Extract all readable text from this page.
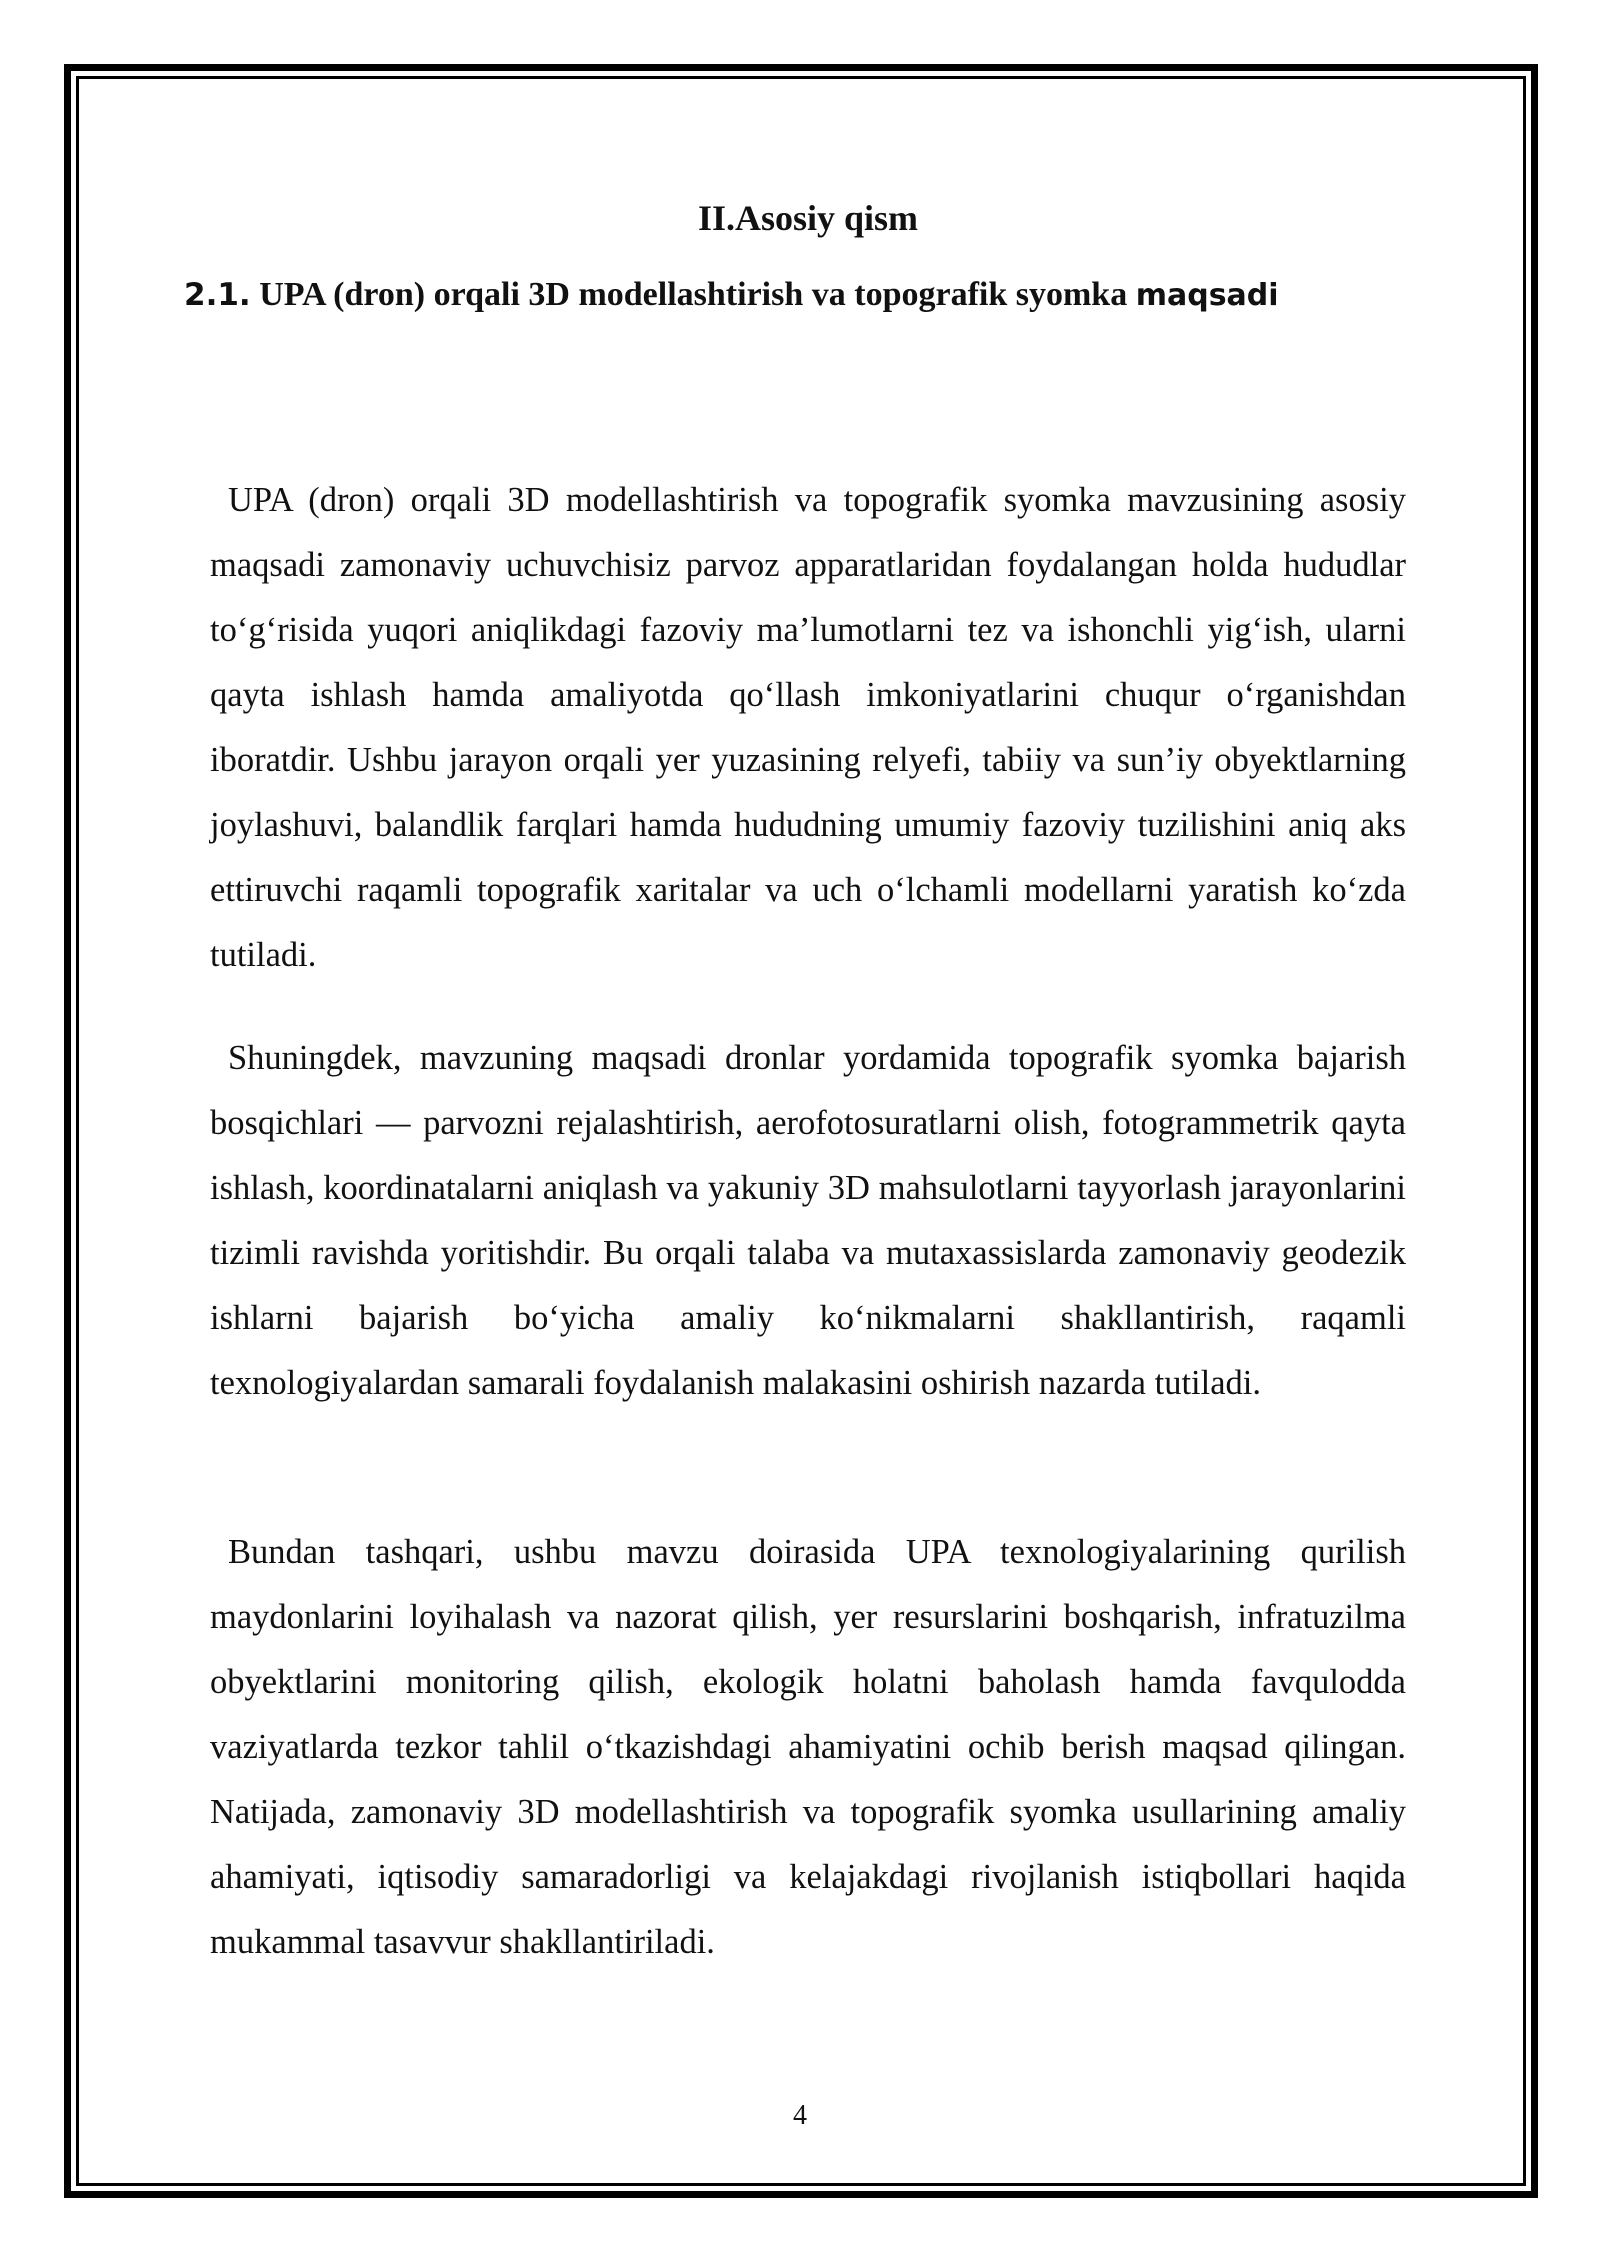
II.Asosiy qism
2.1. UPA (dron) orqali 3D modellashtirish va topografik syomka maqsadi

UPA (dron) orqali 3D modellashtirish va topografik syomka mavzusining asosiy maqsadi zamonaviy uchuvchisiz parvoz apparatlaridan foydalangan holda hududlar to‘g‘risida yuqori aniqlikdagi fazoviy ma’lumotlarni tez va ishonchli yig‘ish, ularni qayta ishlash hamda amaliyotda qo‘llash imkoniyatlarini chuqur o‘rganishdan iboratdir. Ushbu jarayon orqali yer yuzasining relyefi, tabiiy va sun’iy obyektlarning joylashuvi, balandlik farqlari hamda hududning umumiy fazoviy tuzilishini aniq aks ettiruvchi raqamli topografik xaritalar va uch o‘lchamli modellarni yaratish ko‘zda tutiladi.

Shuningdek, mavzuning maqsadi dronlar yordamida topografik syomka bajarish bosqichlari — parvozni rejalashtirish, aerofotosuratlarni olish, fotogrammetrik qayta ishlash, koordinatalarni aniqlash va yakuniy 3D mahsulotlarni tayyorlash jarayonlarini tizimli ravishda yoritishdir. Bu orqali talaba va mutaxassislarda zamonaviy geodezik ishlarni bajarish bo‘yicha amaliy ko‘nikmalarni shakllantirish, raqamli texnologiyalardan samarali foydalanish malakasini oshirish nazarda tutiladi.

Bundan tashqari, ushbu mavzu doirasida UPA texnologiyalarining qurilish maydonlarini loyihalash va nazorat qilish, yer resurslarini boshqarish, infratuzilma obyektlarini monitoring qilish, ekologik holatni baholash hamda favqulodda vaziyatlarda tezkor tahlil o‘tkazishdagi ahamiyatini ochib berish maqsad qilingan. Natijada, zamonaviy 3D modellashtirish va topografik syomka usullarining amaliy ahamiyati, iqtisodiy samaradorligi va kelajakdagi rivojlanish istiqbollari haqida mukammal tasavvur shakllantiriladi.

4
